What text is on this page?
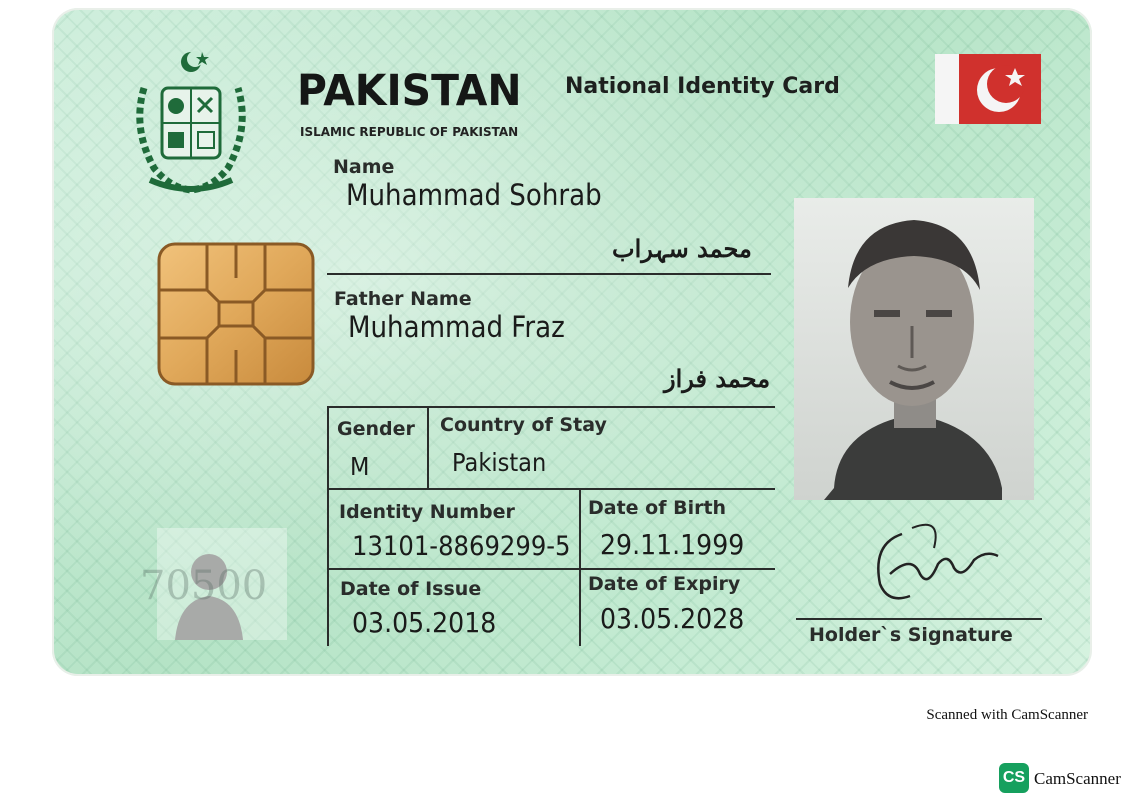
PAKISTAN National Identity Card
ISLAMIC REPUBLIC OF PAKISTAN
Name
Muhammad Sohrab
محمد سہراب
Father Name
Muhammad Fraz
محمد فراز
Gender
M
Country of Stay
Pakistan
Identity Number
13101-8869299-5
Date of Birth
29.11.1999
Date of Issue
03.05.2018
Date of Expiry
03.05.2028
70500
Holder`s Signature
Scanned with CamScanner
CS CamScanner
